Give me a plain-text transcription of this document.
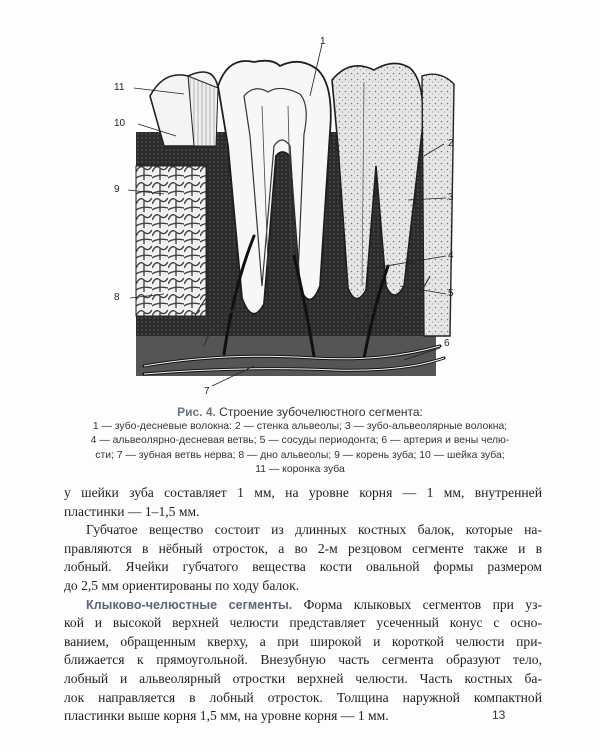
1
2
3
4
5
6
7
8
9
10
11
Рис. 4. Строение зубочелюстного сегмента:
1 — зубо-десневые волокна: 2 — стенка альвеолы; 3 — зубо-альвеолярные волокна;
4 — альвеолярно-десневая ветвь; 5 — сосуды периодонта; 6 — артерия и вены челю-
сти; 7 — зубная ветвь нерва; 8 — дно альвеолы; 9 — корень зуба; 10 — шейка зуба;
11 — коронка зуба
у шейки зуба составляет 1 мм, на уровне корня — 1 мм, внутренней
пластинки — 1–1,5 мм.
Губчатое вещество состоит из длинных костных балок, которые на-
правляются в нёбный отросток, а во 2-м резцовом сегменте также и в
лобный. Ячейки губчатого вещества кости овальной формы размером
до 2,5 мм ориентированы по ходу балок.
Клыково-челюстные сегменты. Форма клыковых сегментов при уз-
кой и высокой верхней челюсти представляет усеченный конус с осно-
ванием, обращенным кверху, а при широкой и короткой челюсти при-
ближается к прямоугольной. Внезубную часть сегмента образуют тело,
лобный и альвеолярный отростки верхней челюсти. Часть костных ба-
лок направляется в лобный отросток. Толщина наружной компактной
пластинки выше корня 1,5 мм, на уровне корня — 1 мм.	13
